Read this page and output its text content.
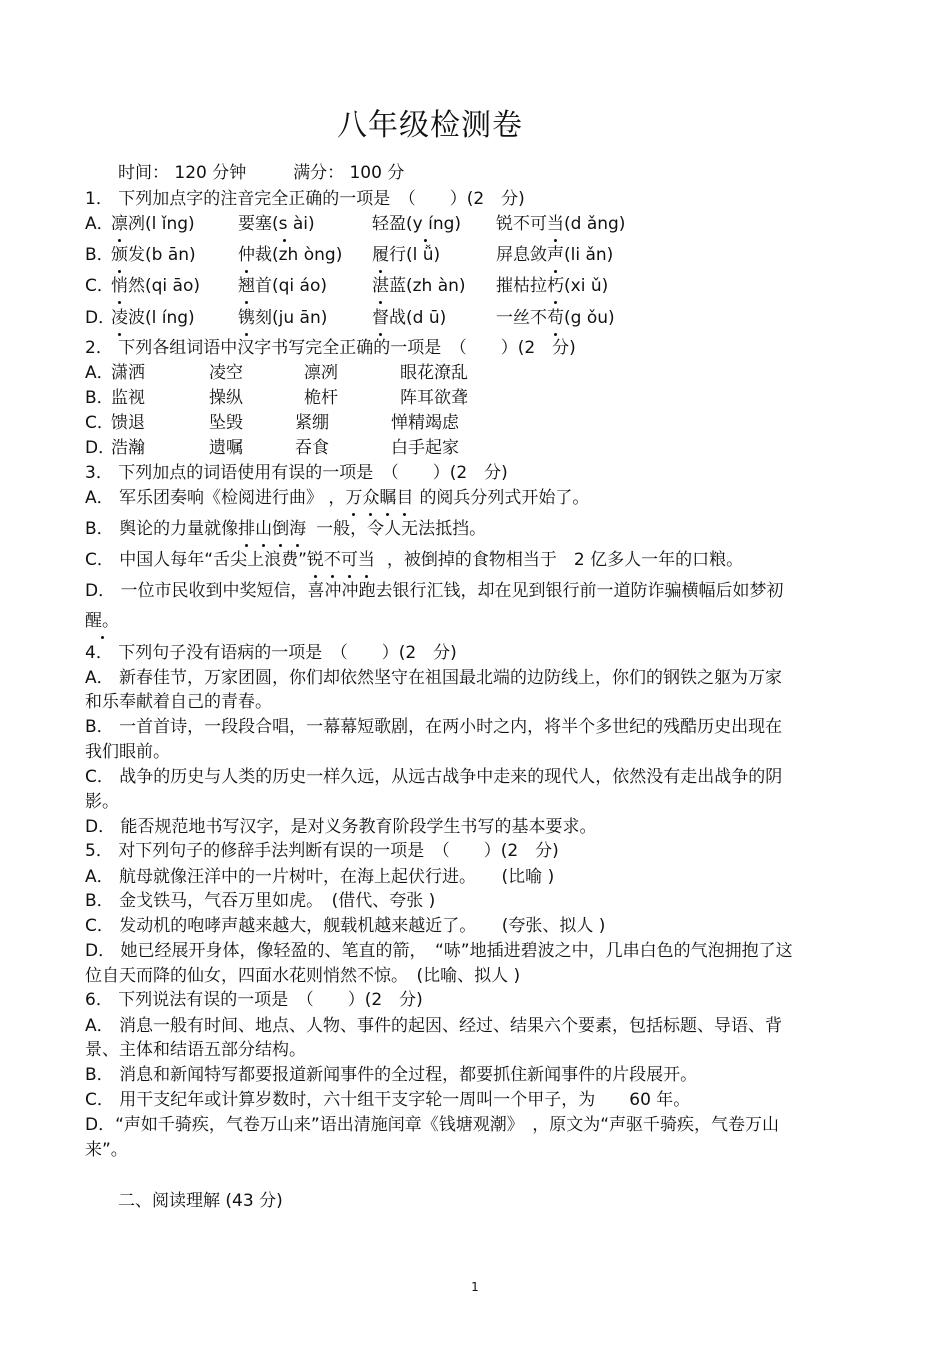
八年级检测卷
时间： 120 分钟	满分： 100 分
1． 下列加点字的注音完全正确的一项是　（　　）(2　分)
A．
凛冽(l ǐng)	要塞(s ài)	轻盈(y íng) 锐不可当(d ǎng)
B．
颁发(b ān) 仲裁(zh òng) 履行(l ǚ)	屏息敛声(li ǎn)
C．
悄然(qi āo) 翘首(qi áo)	湛蓝(zh àn) 摧枯拉朽(xi ǔ)
D．
凌波(l íng)	镌刻(ju ān)	督战(d ū)	一丝不苟(g ǒu)
2． 下列各组词语中汉字书写完全正确的一项是　（　　）(2　分)
A．
潇洒	凌空	凛冽	眼花潦乱
B．
监视	操纵	桅杆	阵耳欲聋
C．
馈退	坠毁	紧绷	惮精竭虑
D．
浩瀚	遗嘱	吞食	白手起家
3． 下列加点的词语使用有误的一项是　（　　）(2　分)
A． 军乐团奏响《检阅进行曲》 ，万众瞩目 的阅兵分列式开始了。
B． 舆论的力量就像排山倒海 一般，令人无法抵挡。
C． 中国人每年“舌尖上浪费”锐不可当 ，被倒掉的食物相当于　2 亿多人一年的口粮。
D． 一位市民收到中奖短信，喜冲冲跑去银行汇钱，却在见到银行前一道防诈骗横幅后如梦初
醒。
4． 下列句子没有语病的一项是　（　　）(2　分)
A． 新春佳节，万家团圆，你们却依然坚守在祖国最北端的边防线上，你们的钢铁之躯为万家
和乐奉献着自己的青春。
B． 一首首诗，一段段合唱，一幕幕短歌剧，在两小时之内，将半个多世纪的残酷历史出现在
我们眼前。
C． 战争的历史与人类的历史一样久远，从远古战争中走来的现代人，依然没有走出战争的阴
影。
D． 能否规范地书写汉字，是对义务教育阶段学生书写的基本要求。
5． 对下列句子的修辞手法判断有误的一项是　（　　）(2　分)
A． 航母就像汪洋中的一片树叶，在海上起伏行进。　　(比喻 )
B． 金戈铁马，气吞万里如虎。　(借代、夸张 )
C． 发动机的咆哮声越来越大，舰载机越来越近了。　　(夸张、拟人 )
D． 她已经展开身体，像轻盈的、笔直的箭，　“哧”地插进碧波之中，几串白色的气泡拥抱了这
位自天而降的仙女，四面水花则悄然不惊。　(比喻、拟人 )
6． 下列说法有误的一项是　（　　）(2　分)
A． 消息一般有时间、地点、人物、事件的起因、经过、结果六个要素，包括标题、导语、背
景、主体和结语五部分结构。
B． 消息和新闻特写都要报道新闻事件的全过程，都要抓住新闻事件的片段展开。
C． 用干支纪年或计算岁数时，六十组干支字轮一周叫一个甲子，为　　60 年。
D．“声如千骑疾，气卷万山来”语出清施闰章《钱塘观潮》　，原文为“声驱千骑疾，气卷万山
来”。
二、阅读理解 (43 分)
1
